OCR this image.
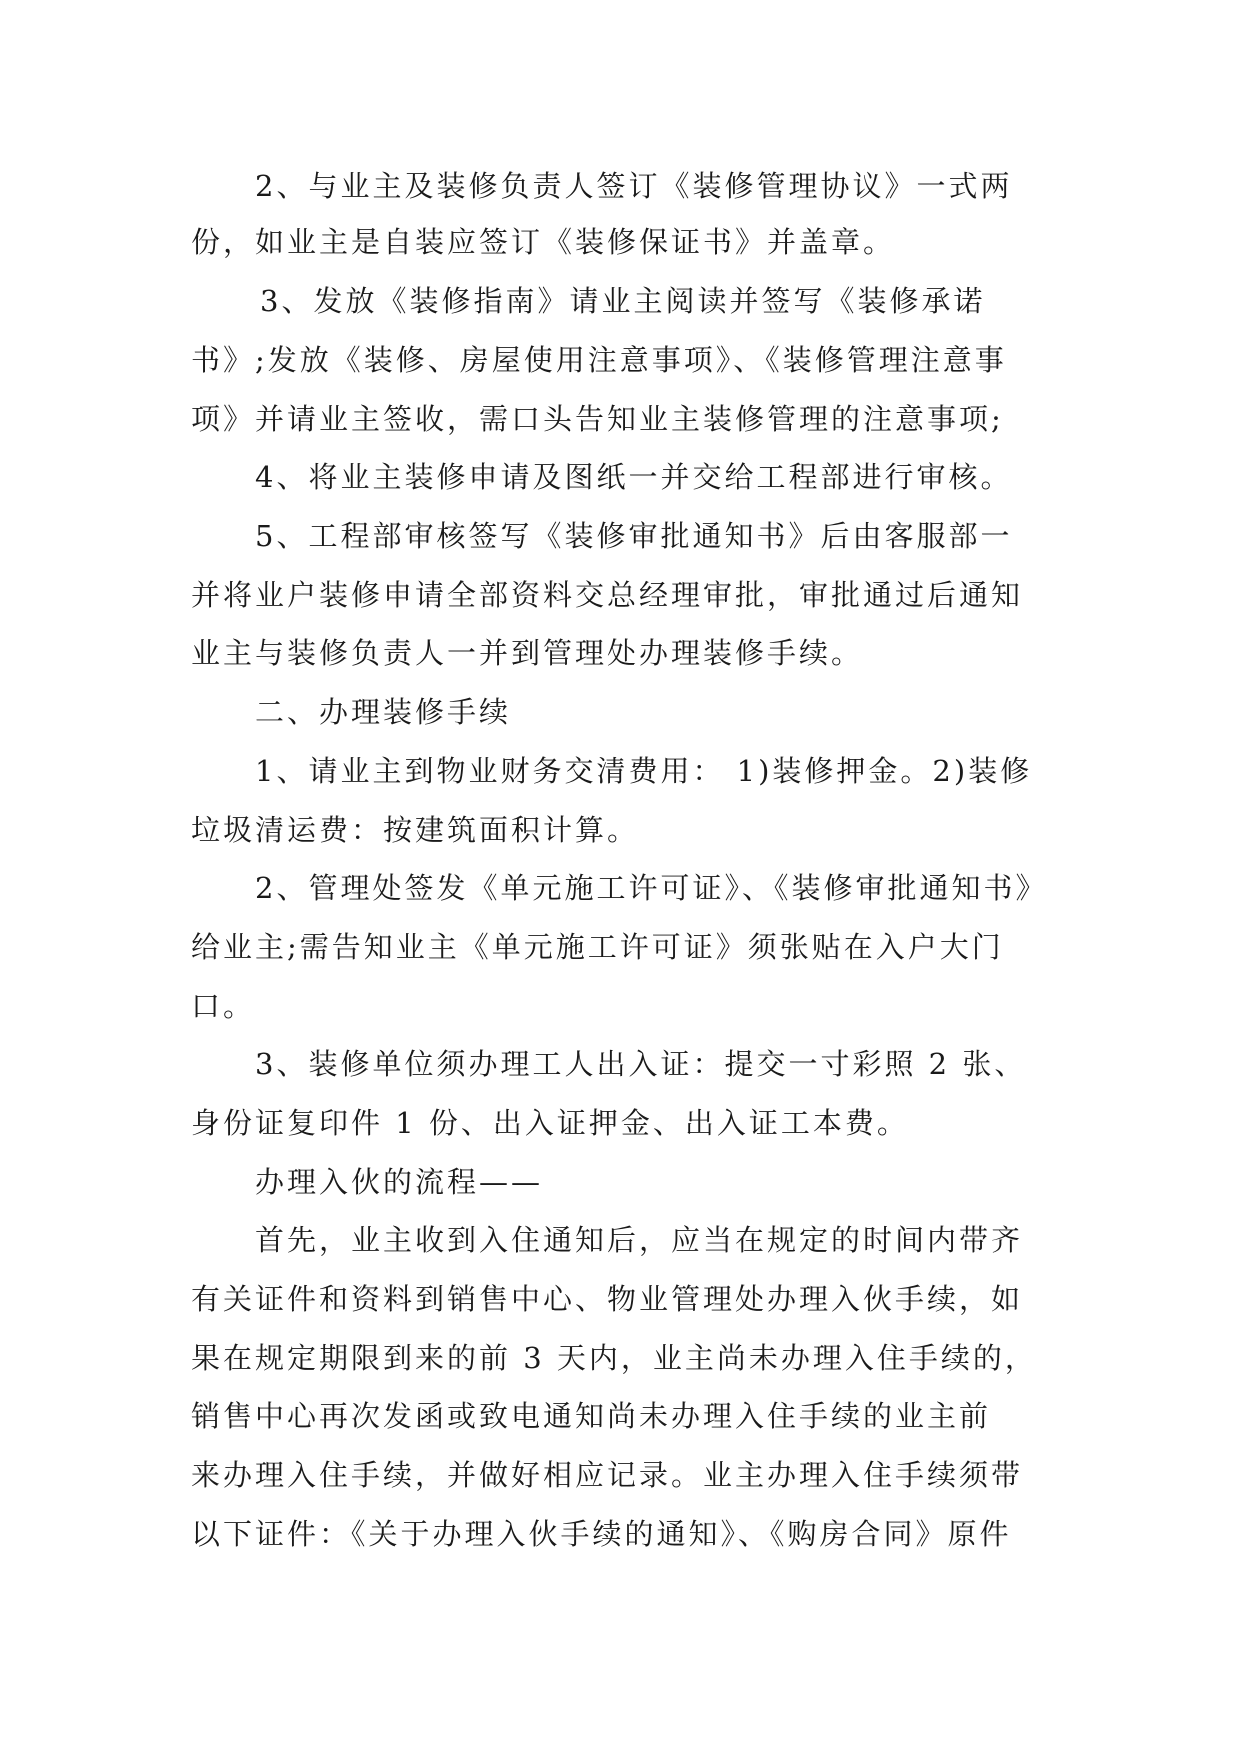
2、与业主及装修负责人签订《装修管理协议》一式两
份，如业主是自装应签订《装修保证书》并盖章。
3、发放《装修指南》请业主阅读并签写《装修承诺
书》;发放《装修、房屋使用注意事项》、《装修管理注意事
项》并请业主签收，需口头告知业主装修管理的注意事项;
4、将业主装修申请及图纸一并交给工程部进行审核。
5、工程部审核签写《装修审批通知书》后由客服部一
并将业户装修申请全部资料交总经理审批，审批通过后通知
业主与装修负责人一并到管理处办理装修手续。
二、办理装修手续
1、请业主到物业财务交清费用： 1)装修押金。2)装修
垃圾清运费：按建筑面积计算。
2、管理处签发《单元施工许可证》、《装修审批通知书》
给业主;需告知业主《单元施工许可证》须张贴在入户大门
口。
3、装修单位须办理工人出入证：提交一寸彩照 2 张、
身份证复印件 1 份、出入证押金、出入证工本费。
办理入伙的流程——
首先，业主收到入住通知后，应当在规定的时间内带齐
有关证件和资料到销售中心、物业管理处办理入伙手续，如
果在规定期限到来的前 3 天内，业主尚未办理入住手续的，
销售中心再次发函或致电通知尚未办理入住手续的业主前
来办理入住手续，并做好相应记录。业主办理入住手续须带
以下证件：《关于办理入伙手续的通知》、《购房合同》原件
